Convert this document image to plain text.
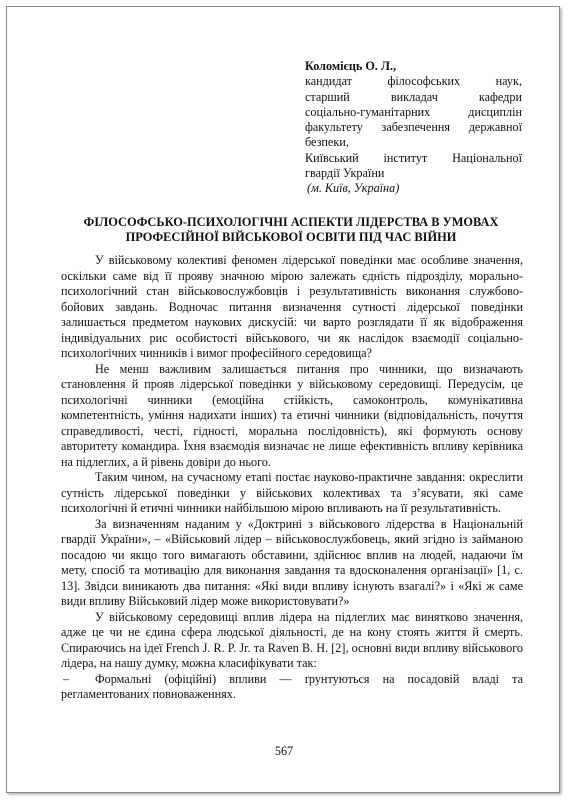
Коломієць О. Л.,
кандидат філософських наук,
старший викладач кафедри
соціально-гуманітарних дисциплін
факультету забезпечення державної
безпеки,
Київський інститут Національної
гвардії України
(м. Київ, Україна)
ФІЛОСОФСЬКО-ПСИХОЛОГІЧНІ АСПЕКТИ ЛІДЕРСТВА В УМОВАХ ПРОФЕСІЙНОЇ ВІЙСЬКОВОЇ ОСВІТИ ПІД ЧАС ВІЙНИ

У військовому колективі феномен лідерської поведінки має особливе значення, оскільки саме від її прояву значною мірою залежать єдність підрозділу, морально-психологічний стан військовослужбовців і результативність виконання службово-бойових завдань. Водночас питання визначення сутності лідерської поведінки залишається предметом наукових дискусій: чи варто розглядати її як відображення індивідуальних рис особистості військового, чи як наслідок взаємодії соціально-психологічних чинників і вимог професійного середовища?

Не менш важливим залишається питання про чинники, що визначають становлення й прояв лідерської поведінки у військовому середовищі. Передусім, це психологічні чинники (емоційна стійкість, самоконтроль, комунікативна компетентність, уміння надихати інших) та етичні чинники (відповідальність, почуття справедливості, честі, гідності, моральна послідовність), які формують основу авторитету командира. Їхня взаємодія визначає не лише ефективність впливу керівника на підлеглих, а й рівень довіри до нього.

Таким чином, на сучасному етапі постає науково-практичне завдання: окреслити сутність лідерської поведінки у військових колективах та з’ясувати, які саме психологічні й етичні чинники найбільшою мірою впливають на її результативність.

За визначенням наданим у «Доктрині з військового лідерства в Національній гвардії України», – «Військовий лідер – військовослужбовець, який згідно із займаною посадою чи якщо того вимагають обставини, здійснює вплив на людей, надаючи їм мету, спосіб та мотивацію для виконання завдання та вдосконалення організації» [1, с. 13]. Звідси виникають два питання: «Які види впливу існують взагалі?» і «Які ж саме види впливу Військовий лідер може використовувати?»

У військовому середовищі вплив лідера на підлеглих має винятково значення, адже це чи не єдина сфера людської діяльності, де на кону стоять життя й смерть. Спираючись на ідеї French J. R. P. Jr. та Raven B. H. [2], основні види впливу військового лідера, на нашу думку, можна класифікувати так:

– Формальні (офіційні) впливи — ґрунтуються на посадовій владі та регламентованих повноваженнях.

567
